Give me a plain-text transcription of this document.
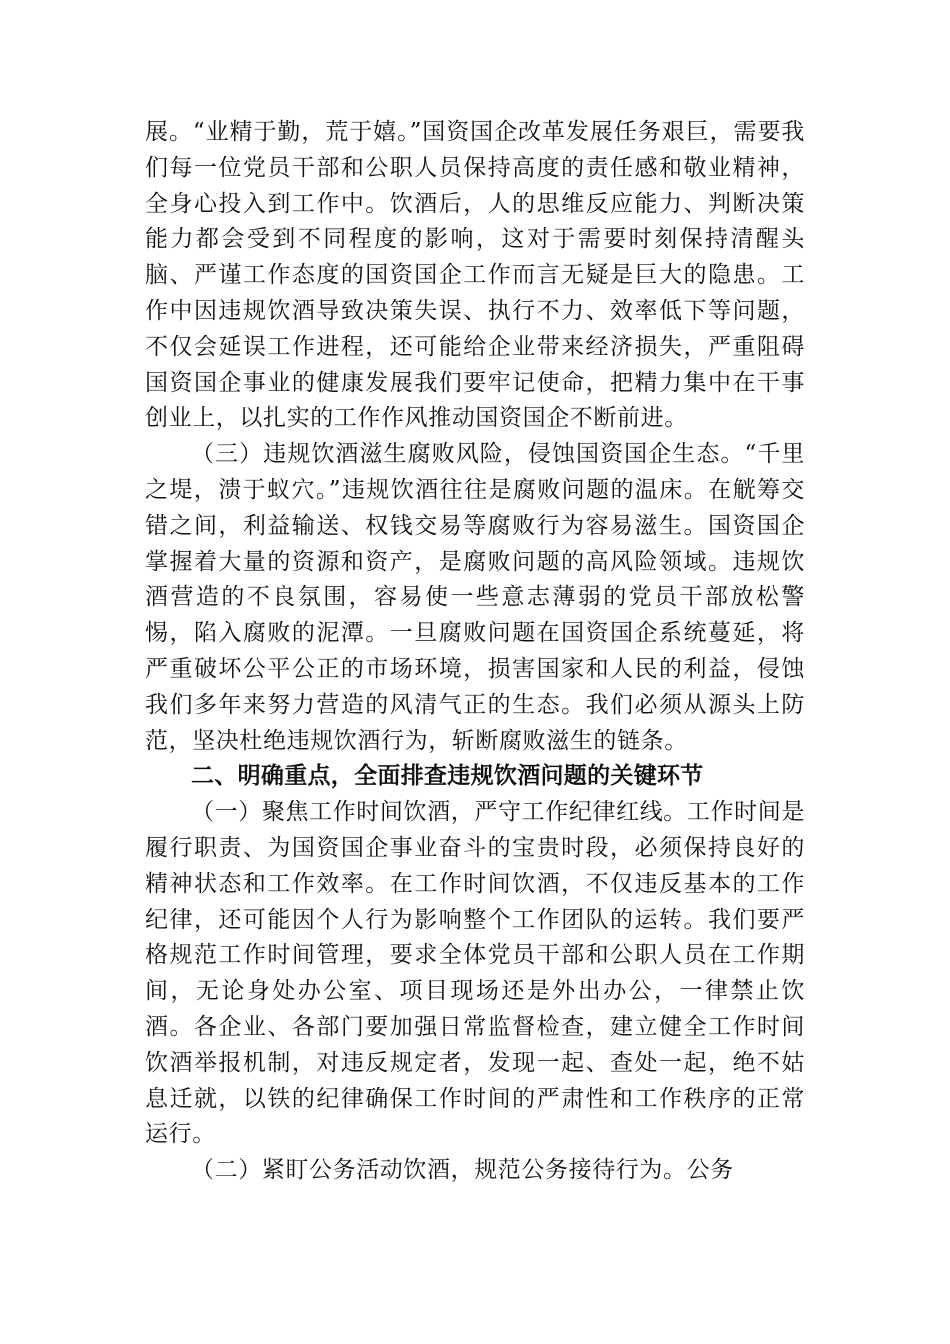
展。“业精于勤，荒于嬉。”国资国企改革发展任务艰巨，需要我们每一位党员干部和公职人员保持高度的责任感和敬业精神，全身心投入到工作中。饮酒后，人的思维反应能力、判断决策能力都会受到不同程度的影响，这对于需要时刻保持清醒头脑、严谨工作态度的国资国企工作而言无疑是巨大的隐患。工作中因违规饮酒导致决策失误、执行不力、效率低下等问题，不仅会延误工作进程，还可能给企业带来经济损失，严重阻碍国资国企事业的健康发展我们要牢记使命，把精力集中在干事创业上，以扎实的工作作风推动国资国企不断前进。

（三）违规饮酒滋生腐败风险，侵蚀国资国企生态。“千里之堤，溃于蚁穴。”违规饮酒往往是腐败问题的温床。在觥筹交错之间，利益输送、权钱交易等腐败行为容易滋生。国资国企掌握着大量的资源和资产，是腐败问题的高风险领域。违规饮酒营造的不良氛围，容易使一些意志薄弱的党员干部放松警惕，陷入腐败的泥潭。一旦腐败问题在国资国企系统蔓延，将严重破坏公平公正的市场环境，损害国家和人民的利益，侵蚀我们多年来努力营造的风清气正的生态。我们必须从源头上防范，坚决杜绝违规饮酒行为，斩断腐败滋生的链条。

二、明确重点，全面排查违规饮酒问题的关键环节

（一）聚焦工作时间饮酒，严守工作纪律红线。工作时间是履行职责、为国资国企事业奋斗的宝贵时段，必须保持良好的精神状态和工作效率。在工作时间饮酒，不仅违反基本的工作纪律，还可能因个人行为影响整个工作团队的运转。我们要严格规范工作时间管理，要求全体党员干部和公职人员在工作期间，无论身处办公室、项目现场还是外出办公，一律禁止饮酒。各企业、各部门要加强日常监督检查，建立健全工作时间饮酒举报机制，对违反规定者，发现一起、查处一起，绝不姑息迁就，以铁的纪律确保工作时间的严肃性和工作秩序的正常运行。

（二）紧盯公务活动饮酒，规范公务接待行为。公务
